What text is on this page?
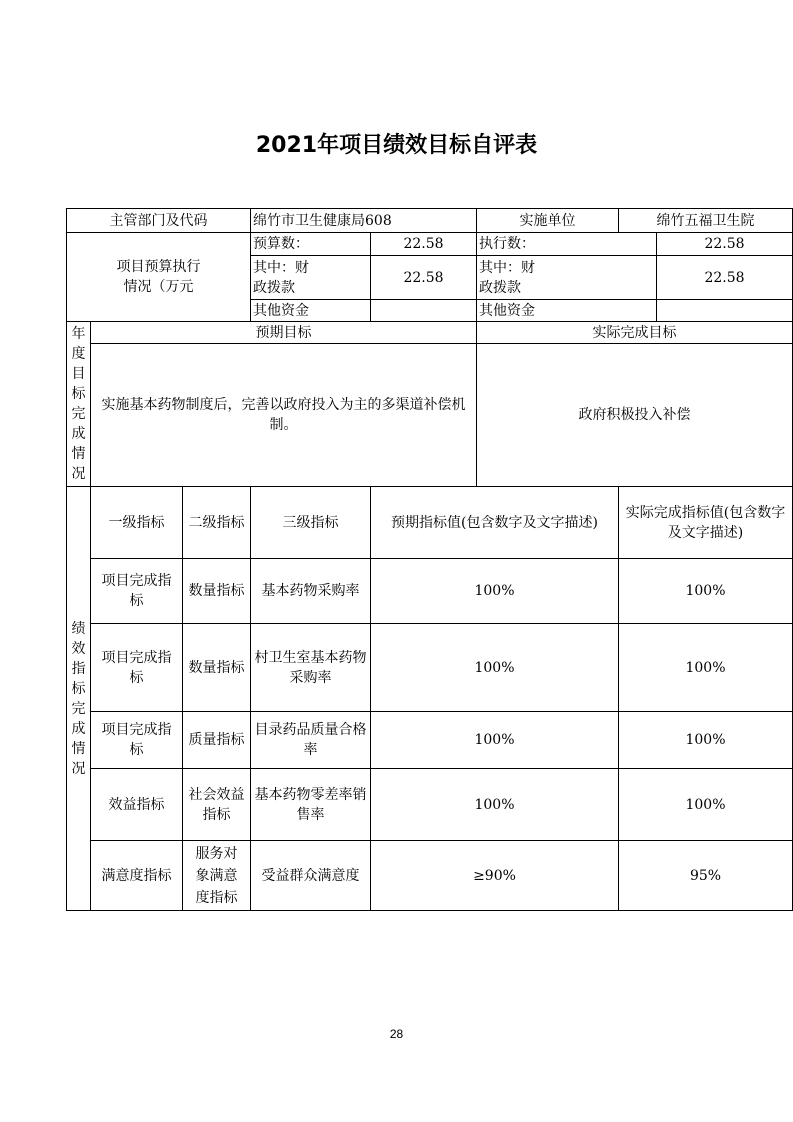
2021年项目绩效目标自评表
主管部门及代码			绵竹市卫生健康局608		实施单位	绵竹五福卫生院	

项目预算执行情况（万元			预算数：	22.58	执行数：		22.58

			其中：财政拨款	22.58	其中：财政拨款		22.58
			其他资金		其他资金		

年度目标完成情况	预期目标				实际完成目标		
	实施基本药物制度后，完善以政府投入为主的多渠道补偿机制。				政府积极投入补偿		

绩效指标完成情况	一级指标	二级指标	三级指标	预期指标值(包含数字及文字描述)		实际完成指标值(包含数字及文字描述)	

	项目完成指标	数量指标	基本药物采购率	100%		100%	

	项目完成指标	数量指标	村卫生室基本药物采购率	100%		100%	

	项目完成指标	质量指标	目录药品质量合格率	100%		100%	
	效益指标	社会效益指标	基本药物零差率销售率	100%		100%	
	满意度指标	服务对象满意度指标	受益群众满意度	≥90%		95%	
28
